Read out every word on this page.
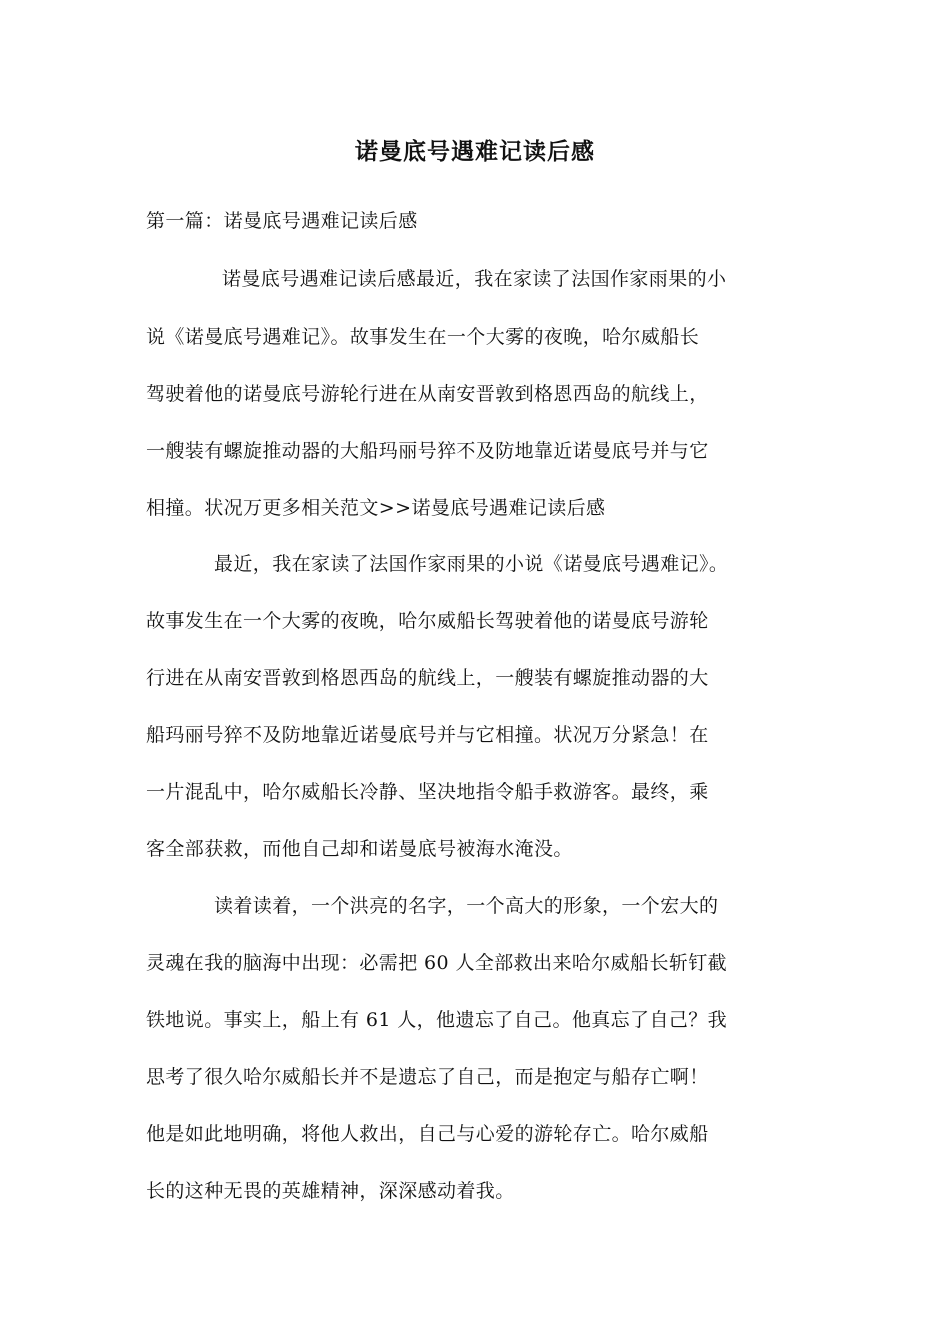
诺曼底号遇难记读后感
第一篇：诺曼底号遇难记读后感
诺曼底号遇难记读后感最近，我在家读了法国作家雨果的小
说《诺曼底号遇难记》。故事发生在一个大雾的夜晚，哈尔威船长
驾驶着他的诺曼底号游轮行进在从南安晋敦到格恩西岛的航线上，
一艘装有螺旋推动器的大船玛丽号猝不及防地靠近诺曼底号并与它
相撞。状况万更多相关范文>>诺曼底号遇难记读后感
最近，我在家读了法国作家雨果的小说《诺曼底号遇难记》。
故事发生在一个大雾的夜晚，哈尔威船长驾驶着他的诺曼底号游轮
行进在从南安晋敦到格恩西岛的航线上，一艘装有螺旋推动器的大
船玛丽号猝不及防地靠近诺曼底号并与它相撞。状况万分紧急！在
一片混乱中，哈尔威船长冷静、坚决地指令船手救游客。最终，乘
客全部获救，而他自己却和诺曼底号被海水淹没。
读着读着，一个洪亮的名字，一个高大的形象，一个宏大的
灵魂在我的脑海中出现：必需把 60 人全部救出来哈尔威船长斩钉截
铁地说。事实上，船上有 61 人，他遗忘了自己。他真忘了自己？我
思考了很久哈尔威船长并不是遗忘了自己，而是抱定与船存亡啊！
他是如此地明确，将他人救出，自己与心爱的游轮存亡。哈尔威船
长的这种无畏的英雄精神，深深感动着我。
